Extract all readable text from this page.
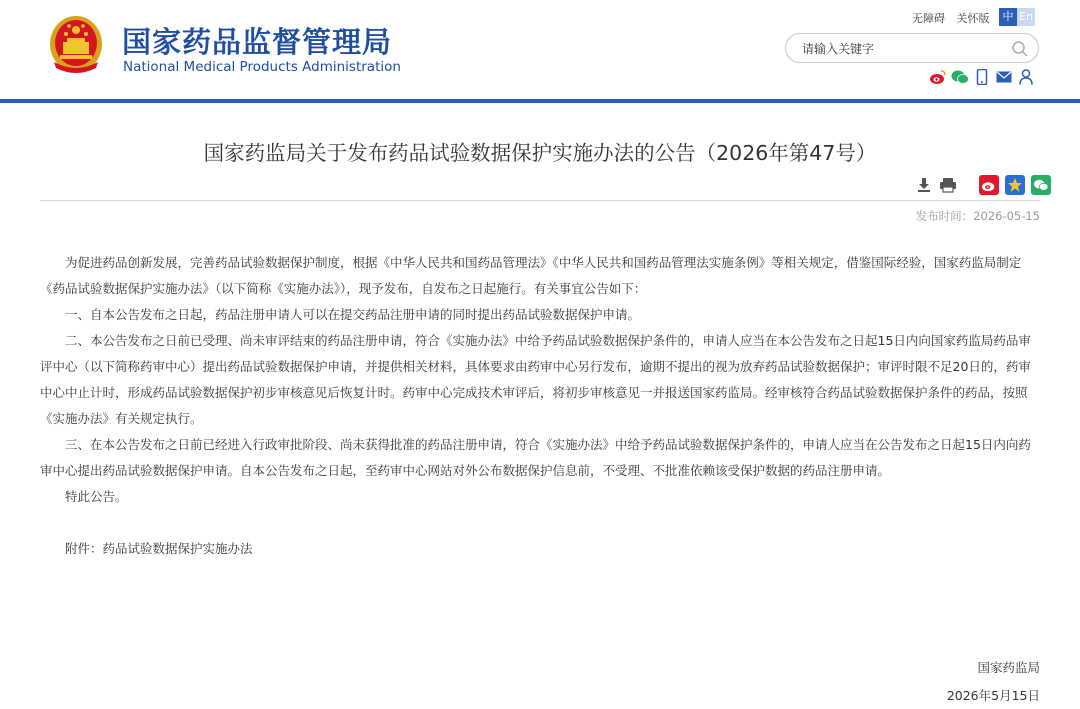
国家药品监督管理局
National Medical Products Administration
无障碍 关怀版	中 En
请输入关键字
国家药监局关于发布药品试验数据保护实施办法的公告（2026年第47号）
发布时间：2026-05-15

为促进药品创新发展，完善药品试验数据保护制度，根据《中华人民共和国药品管理法》《中华人民共和国药品管理法实施条例》等相关规定，借鉴国际经验，国家药监局制定《药品试验数据保护实施办法》（以下简称《实施办法》），现予发布，自发布之日起施行。有关事宜公告如下：

一、自本公告发布之日起，药品注册申请人可以在提交药品注册申请的同时提出药品试验数据保护申请。

二、本公告发布之日前已受理、尚未审评结束的药品注册申请，符合《实施办法》中给予药品试验数据保护条件的，申请人应当在本公告发布之日起15日内向国家药监局药品审评中心（以下简称药审中心）提出药品试验数据保护申请，并提供相关材料，具体要求由药审中心另行发布，逾期不提出的视为放弃药品试验数据保护；审评时限不足20日的，药审中心中止计时，形成药品试验数据保护初步审核意见后恢复计时。药审中心完成技术审评后，将初步审核意见一并报送国家药监局。经审核符合药品试验数据保护条件的药品，按照《实施办法》有关规定执行。

三、在本公告发布之日前已经进入行政审批阶段、尚未获得批准的药品注册申请，符合《实施办法》中给予药品试验数据保护条件的，申请人应当在公告发布之日起15日内向药审中心提出药品试验数据保护申请。自本公告发布之日起，至药审中心网站对外公布数据保护信息前，不受理、不批准依赖该受保护数据的药品注册申请。

特此公告。

附件：药品试验数据保护实施办法

国家药监局
2026年5月15日
